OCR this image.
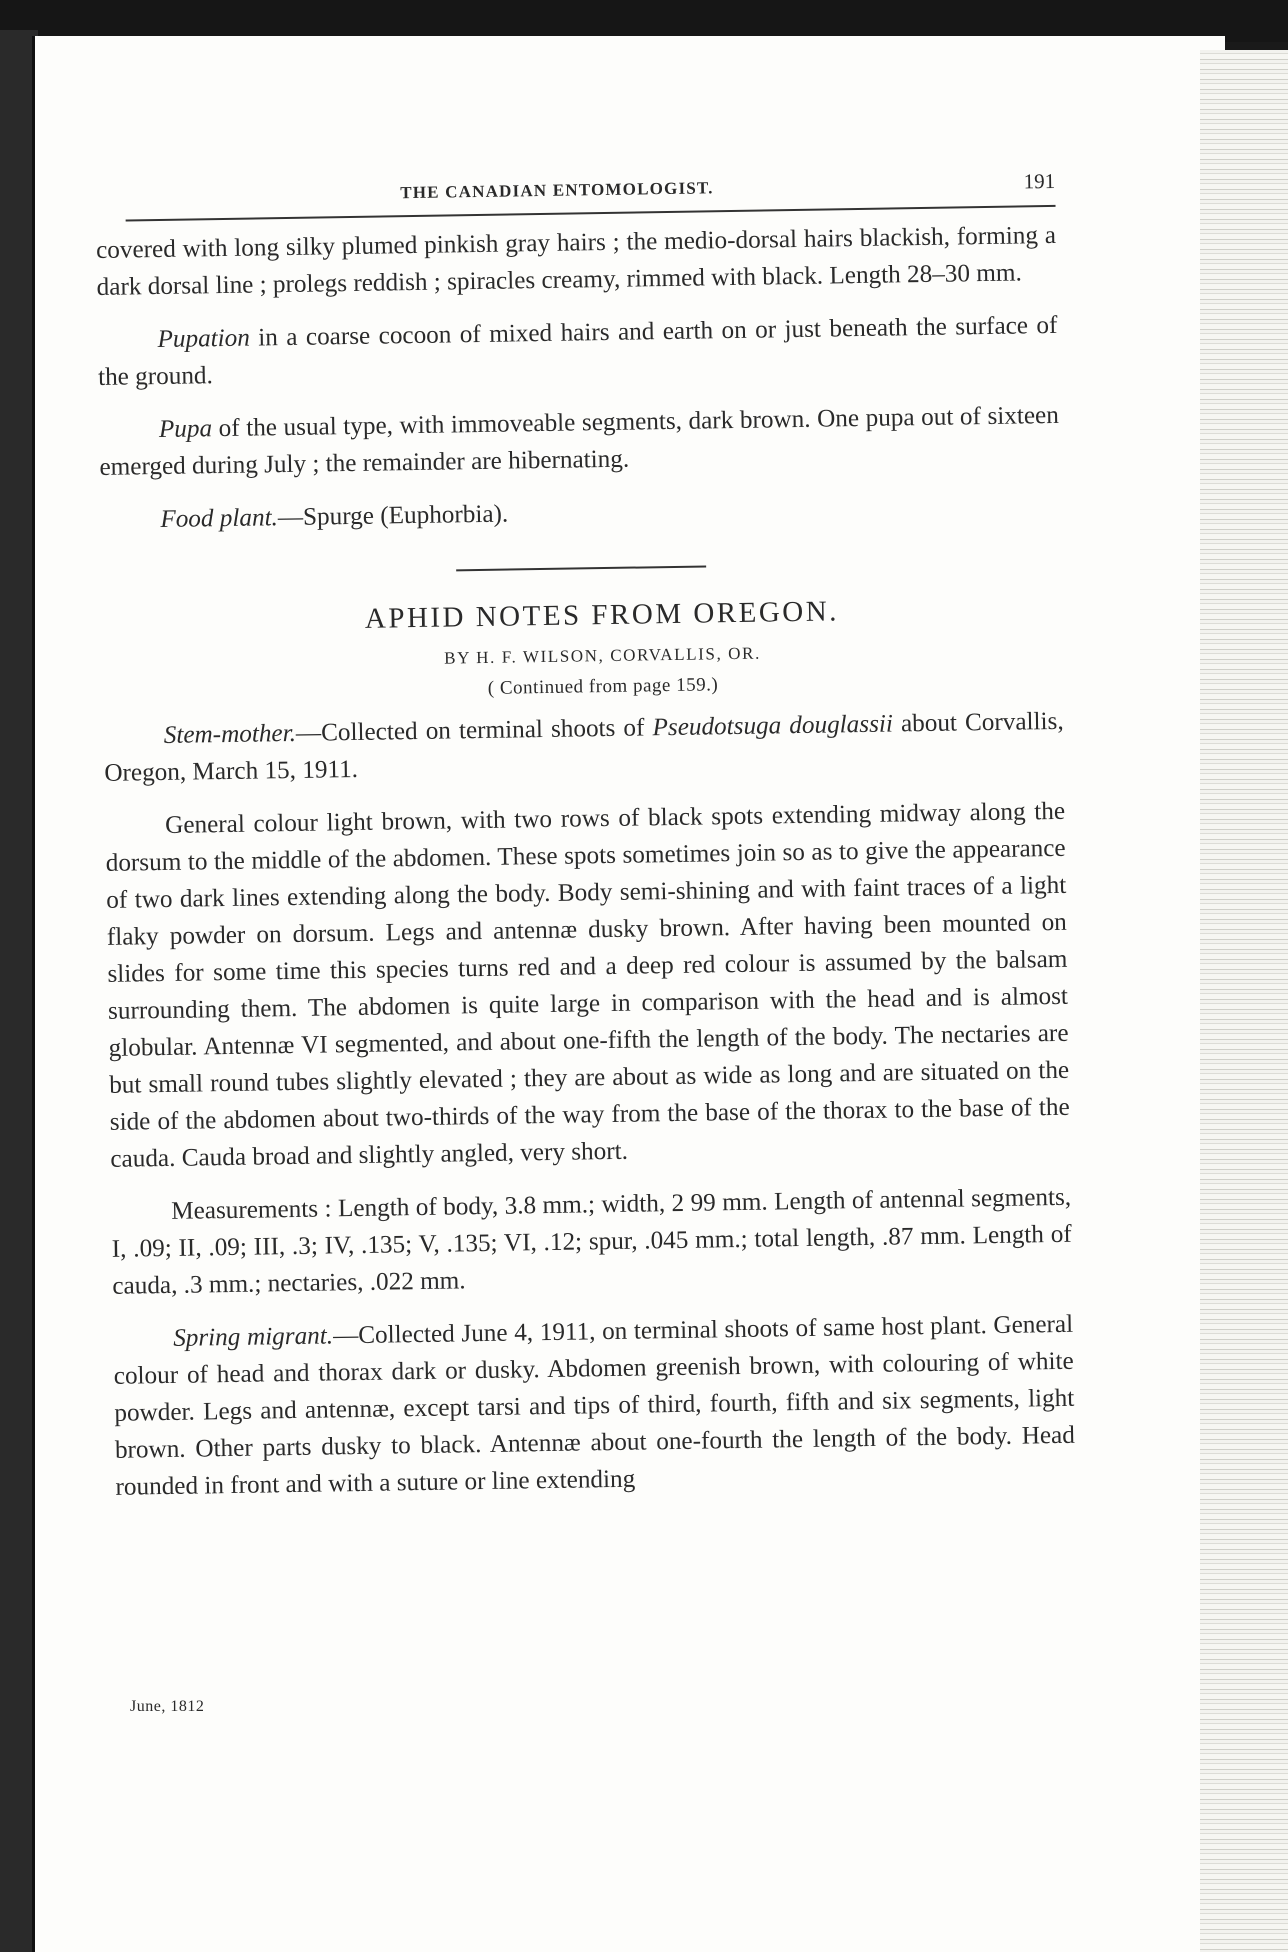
THE CANADIAN ENTOMOLOGIST.	191

covered with long silky plumed pinkish gray hairs ; the medio-dorsal hairs blackish, forming a dark dorsal line ; prolegs reddish ; spiracles creamy, rimmed with black. Length 28–30 mm.

Pupation in a coarse cocoon of mixed hairs and earth on or just beneath the surface of the ground.

Pupa of the usual type, with immoveable segments, dark brown. One pupa out of sixteen emerged during July ; the remainder are hibernating.

Food plant.—Spurge (Euphorbia).

APHID NOTES FROM OREGON.
BY H. F. WILSON, CORVALLIS, OR.
( Continued from page 159.)

Stem-mother.—Collected on terminal shoots of Pseudotsuga douglassii about Corvallis, Oregon, March 15, 1911.

General colour light brown, with two rows of black spots extending midway along the dorsum to the middle of the abdomen. These spots sometimes join so as to give the appearance of two dark lines extending along the body. Body semi-shining and with faint traces of a light flaky powder on dorsum. Legs and antennæ dusky brown. After having been mounted on slides for some time this species turns red and a deep red colour is assumed by the balsam surrounding them. The abdomen is quite large in comparison with the head and is almost globular. Antennæ VI segmented, and about one-fifth the length of the body. The nectaries are but small round tubes slightly elevated ; they are about as wide as long and are situated on the side of the abdomen about two-thirds of the way from the base of the thorax to the base of the cauda. Cauda broad and slightly angled, very short.

Measurements : Length of body, 3.8 mm.; width, 2 99 mm. Length of antennal segments, I, .09; II, .09; III, .3; IV, .135; V, .135; VI, .12; spur, .045 mm.; total length, .87 mm. Length of cauda, .3 mm.; nectaries, .022 mm.

Spring migrant.—Collected June 4, 1911, on terminal shoots of same host plant. General colour of head and thorax dark or dusky. Abdomen greenish brown, with colouring of white powder. Legs and antennæ, except tarsi and tips of third, fourth, fifth and six segments, light brown. Other parts dusky to black. Antennæ about one-fourth the length of the body. Head rounded in front and with a suture or line extending

June, 1812
